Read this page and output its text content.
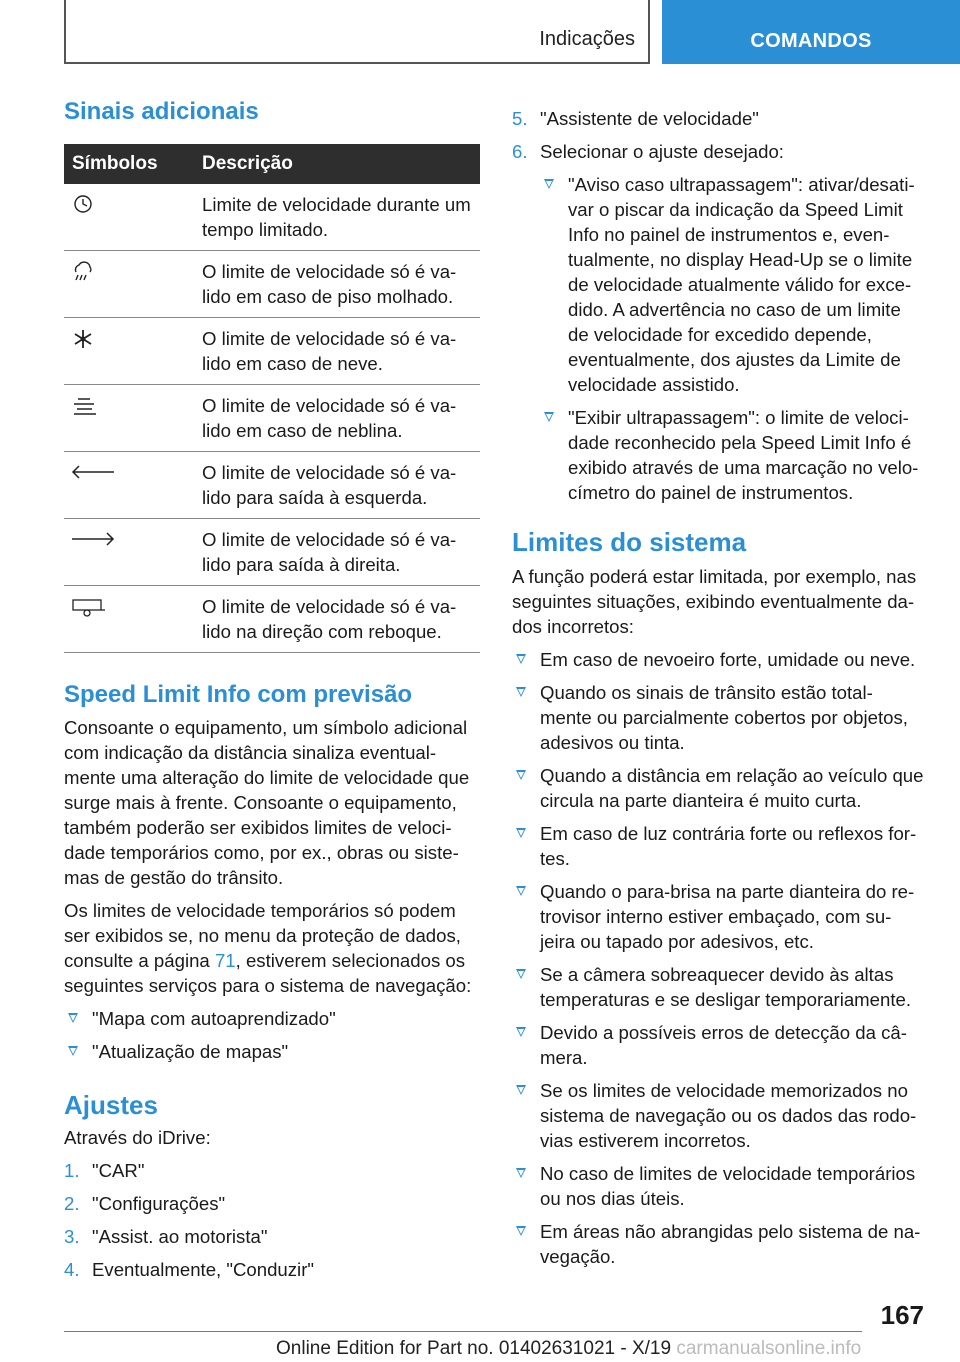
Indicações	COMANDOS
Sinais adicionais
Símbolos	Descrição

	Limite de velocidade durante um tempo limitado.

	O limite de velocidade só é va-lido em caso de piso molhado.

	O limite de velocidade só é va-lido em caso de neve.

	O limite de velocidade só é va-lido em caso de neblina.

	O limite de velocidade só é va-lido para saída à esquerda.

	O limite de velocidade só é va-lido para saída à direita.

	O limite de velocidade só é va-lido na direção com reboque.
Speed Limit Info com previsão

Consoante o equipamento, um símbolo adicional com indicação da distância sinaliza eventual-mente uma alteração do limite de velocidade que surge mais à frente. Consoante o equipamento, também poderão ser exibidos limites de veloci-dade temporários como, por ex., obras ou siste-mas de gestão do trânsito.

Os limites de velocidade temporários só podem ser exibidos se, no menu da proteção de dados, consulte a página 71, estiverem selecionados os seguintes serviços para o sistema de navegação:

"Mapa com autoaprendizado"
"Atualização de mapas"
Ajustes

Através do iDrive:

1. "CAR"
2. "Configurações"
3. "Assist. ao motorista"
4. Eventualmente, "Conduzir"
5. "Assistente de velocidade"
6. Selecionar o ajuste desejado:
"Aviso caso ultrapassagem": ativar/desati-var o piscar da indicação da Speed Limit Info no painel de instrumentos e, even-tualmente, no display Head-Up se o limite de velocidade atualmente válido for exce-dido. A advertência no caso de um limite de velocidade for excedido depende, eventualmente, dos ajustes da Limite de velocidade assistido.
"Exibir ultrapassagem": o limite de veloci-dade reconhecido pela Speed Limit Info é exibido através de uma marcação no velo-címetro do painel de instrumentos.
Limites do sistema

A função poderá estar limitada, por exemplo, nas seguintes situações, exibindo eventualmente da-dos incorretos:

Em caso de nevoeiro forte, umidade ou neve.
Quando os sinais de trânsito estão total-mente ou parcialmente cobertos por objetos, adesivos ou tinta.
Quando a distância em relação ao veículo que circula na parte dianteira é muito curta.
Em caso de luz contrária forte ou reflexos for-tes.
Quando o para-brisa na parte dianteira do re-trovisor interno estiver embaçado, com su-jeira ou tapado por adesivos, etc.
Se a câmera sobreaquecer devido às altas temperaturas e se desligar temporariamente.
Devido a possíveis erros de detecção da câ-mera.
Se os limites de velocidade memorizados no sistema de navegação ou os dados das rodo-vias estiverem incorretos.
No caso de limites de velocidade temporários ou nos dias úteis.
Em áreas não abrangidas pelo sistema de na-vegação.
167
Online Edition for Part no. 01402631021 - X/19 carmanualsonline.info
